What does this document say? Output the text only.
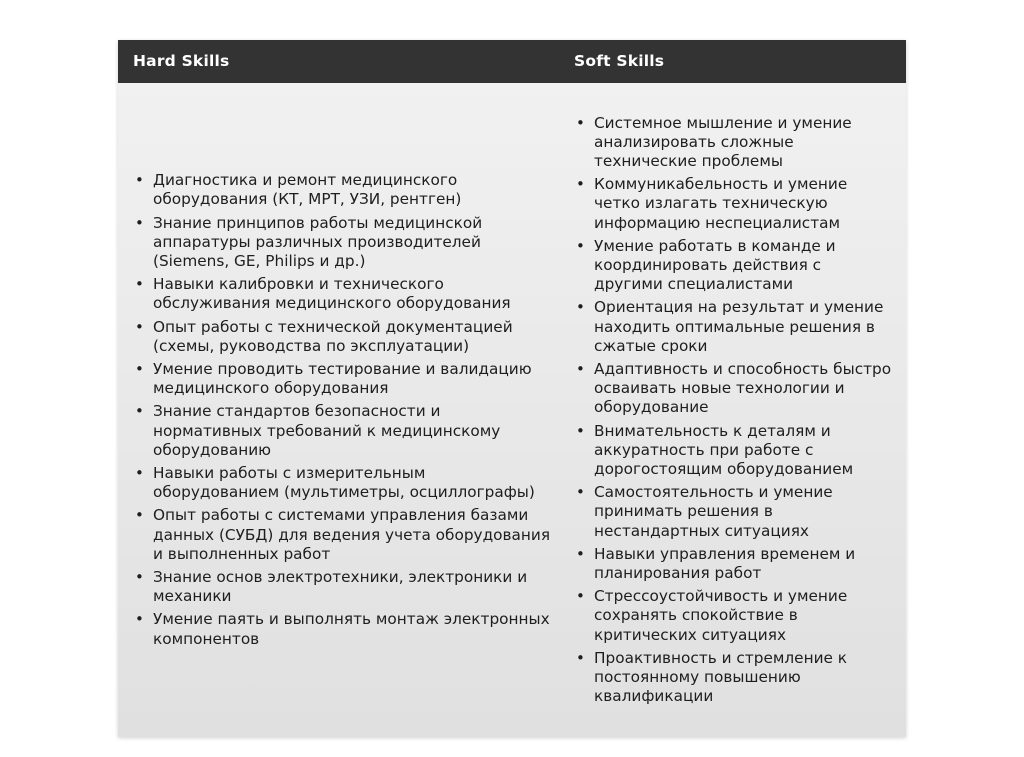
Hard Skills	Soft Skills
• Диагностика и ремонт медицинского оборудования (КТ, МРТ, УЗИ, рентген)
• Знание принципов работы медицинской аппаратуры различных производителей (Siemens, GE, Philips и др.)
• Навыки калибровки и технического обслуживания медицинского оборудования
• Опыт работы с технической документацией (схемы, руководства по эксплуатации)
• Умение проводить тестирование и валидацию медицинского оборудования
• Знание стандартов безопасности и нормативных требований к медицинскому оборудованию
• Навыки работы с измерительным оборудованием (мультиметры, осциллографы)
• Опыт работы с системами управления базами данных (СУБД) для ведения учета оборудования и выполненных работ
• Знание основ электротехники, электроники и механики
• Умение паять и выполнять монтаж электронных компонентов
• Системное мышление и умение анализировать сложные технические проблемы
• Коммуникабельность и умение четко излагать техническую информацию неспециалистам
• Умение работать в команде и координировать действия с другими специалистами
• Ориентация на результат и умение находить оптимальные решения в сжатые сроки
• Адаптивность и способность быстро осваивать новые технологии и оборудование
• Внимательность к деталям и аккуратность при работе с дорогостоящим оборудованием
• Самостоятельность и умение принимать решения в нестандартных ситуациях
• Навыки управления временем и планирования работ
• Стрессоустойчивость и умение сохранять спокойствие в критических ситуациях
• Проактивность и стремление к постоянному повышению квалификации
